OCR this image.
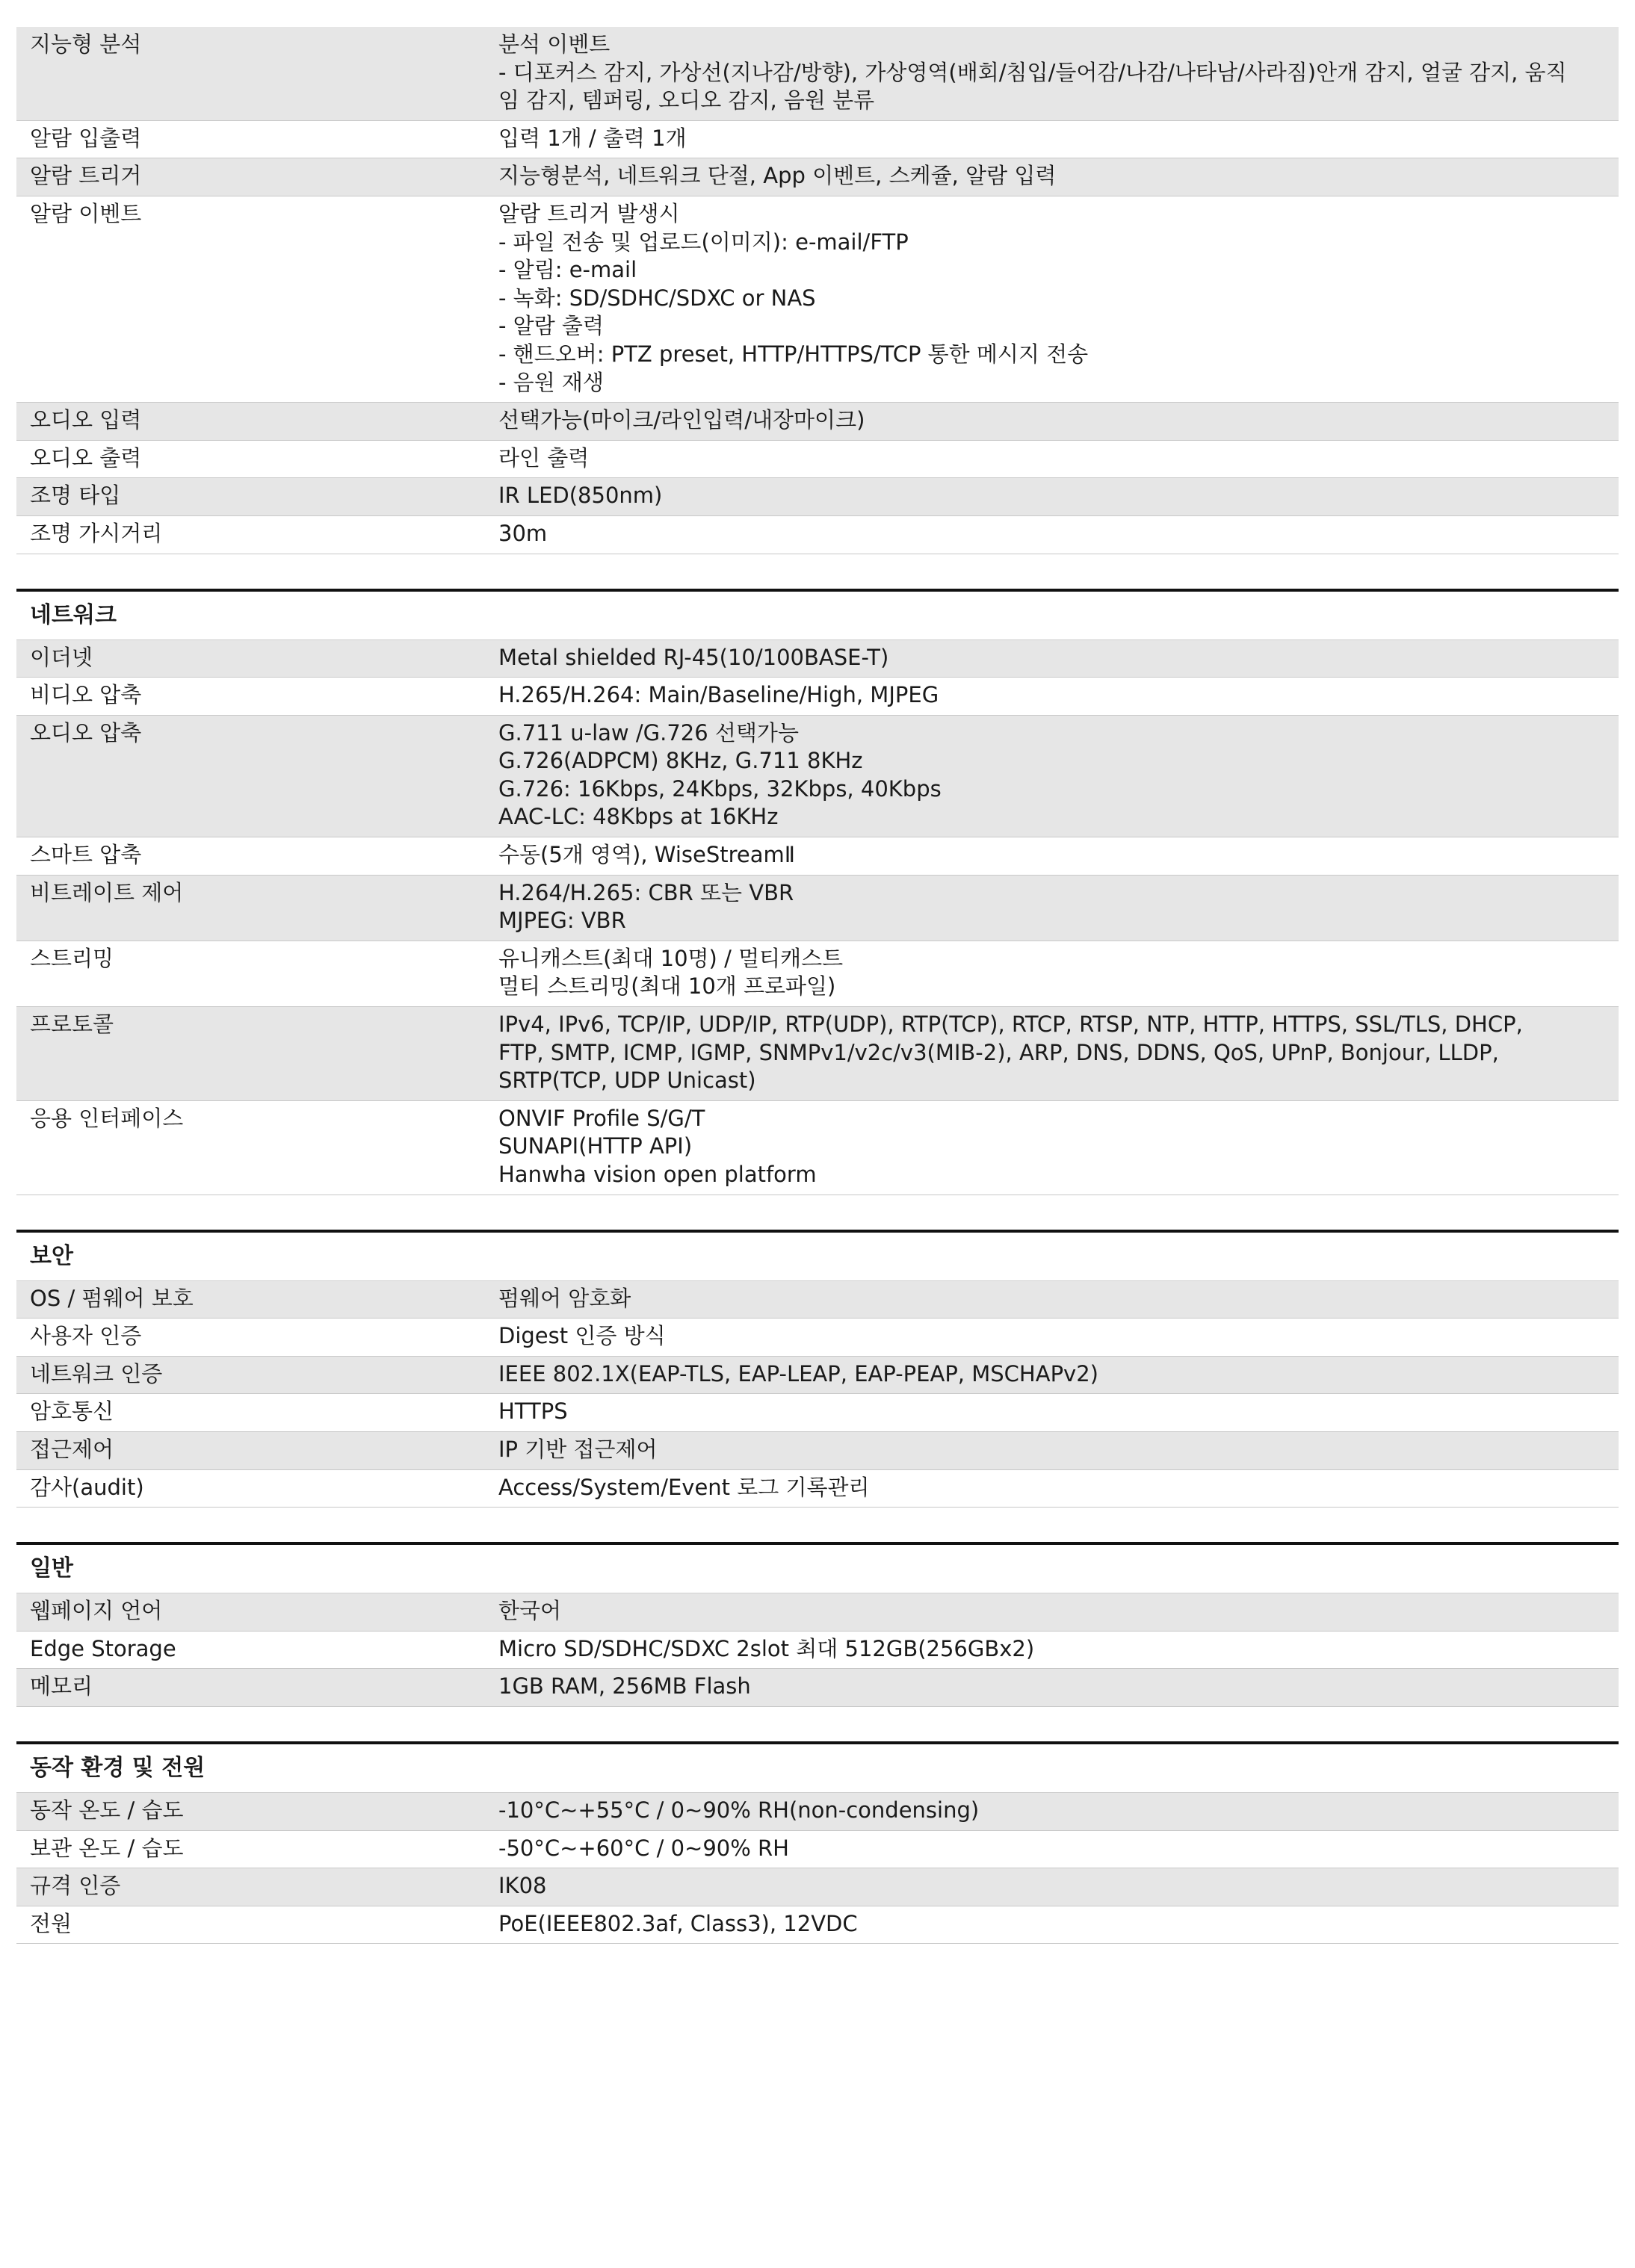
지능형 분석	분석 이벤트
- 디포커스 감지, 가상선(지나감/방향), 가상영역(배회/침입/들어감/나감/나타남/사라짐)안개 감지, 얼굴 감지, 움직
임 감지, 템퍼링, 오디오 감지, 음원 분류
알람 입출력	입력 1개 / 출력 1개
알람 트리거	지능형분석, 네트워크 단절, App 이벤트, 스케쥴, 알람 입력
알람 이벤트	알람 트리거 발생시
- 파일 전송 및 업로드(이미지): e-mail/FTP
- 알림: e-mail
- 녹화: SD/SDHC/SDXC or NAS
- 알람 출력
- 핸드오버: PTZ preset, HTTP/HTTPS/TCP 통한 메시지 전송
- 음원 재생
오디오 입력	선택가능(마이크/라인입력/내장마이크)
오디오 출력	라인 출력
조명 타입	IR LED(850nm)
조명 가시거리	30m
네트워크
이더넷	Metal shielded RJ-45(10/100BASE-T)
비디오 압축	H.265/H.264: Main/Baseline/High, MJPEG
오디오 압축	G.711 u-law /G.726 선택가능
G.726(ADPCM) 8KHz, G.711 8KHz
G.726: 16Kbps, 24Kbps, 32Kbps, 40Kbps
AAC-LC: 48Kbps at 16KHz
스마트 압축	수동(5개 영역), WiseStreamⅡ
비트레이트 제어	H.264/H.265: CBR 또는 VBR
MJPEG: VBR
스트리밍	유니캐스트(최대 10명) / 멀티캐스트
멀티 스트리밍(최대 10개 프로파일)
프로토콜	IPv4, IPv6, TCP/IP, UDP/IP, RTP(UDP), RTP(TCP), RTCP, RTSP, NTP, HTTP, HTTPS, SSL/TLS, DHCP,
FTP, SMTP, ICMP, IGMP, SNMPv1/v2c/v3(MIB-2), ARP, DNS, DDNS, QoS, UPnP, Bonjour, LLDP,
SRTP(TCP, UDP Unicast)
응용 인터페이스	ONVIF Profile S/G/T
SUNAPI(HTTP API)
Hanwha vision open platform
보안
OS / 펌웨어 보호	펌웨어 암호화
사용자 인증	Digest 인증 방식
네트워크 인증	IEEE 802.1X(EAP-TLS, EAP-LEAP, EAP-PEAP, MSCHAPv2)
암호통신	HTTPS
접근제어	IP 기반 접근제어
감사(audit)	Access/System/Event 로그 기록관리
일반
웹페이지 언어	한국어
Edge Storage	Micro SD/SDHC/SDXC 2slot 최대 512GB(256GBx2)
메모리	1GB RAM, 256MB Flash
동작 환경 및 전원
동작 온도 / 습도	-10°C~+55°C / 0~90% RH(non-condensing)
보관 온도 / 습도	-50°C~+60°C / 0~90% RH
규격 인증	IK08
전원	PoE(IEEE802.3af, Class3), 12VDC
